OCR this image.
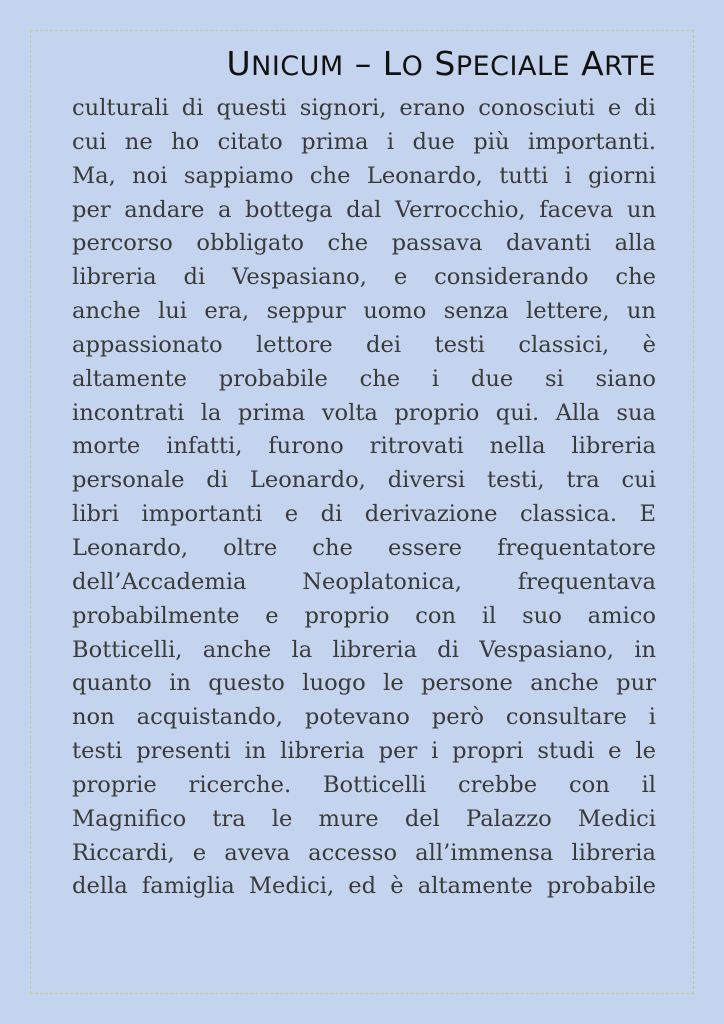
UNICUM – LO SPECIALE ARTE
culturali di questi signori, erano conosciuti e di
cui ne ho citato prima i due più importanti.
Ma, noi sappiamo che Leonardo, tutti i giorni
per andare a bottega dal Verrocchio, faceva un
percorso obbligato che passava davanti alla
libreria di Vespasiano, e considerando che
anche lui era, seppur uomo senza lettere, un
appassionato lettore dei testi classici, è
altamente probabile che i due si siano
incontrati la prima volta proprio qui. Alla sua
morte infatti, furono ritrovati nella libreria
personale di Leonardo, diversi testi, tra cui
libri importanti e di derivazione classica. E
Leonardo, oltre che essere frequentatore
dell’Accademia Neoplatonica, frequentava
probabilmente e proprio con il suo amico
Botticelli, anche la libreria di Vespasiano, in
quanto in questo luogo le persone anche pur
non acquistando, potevano però consultare i
testi presenti in libreria per i propri studi e le
proprie ricerche. Botticelli crebbe con il
Magnifico tra le mure del Palazzo Medici
Riccardi, e aveva accesso all’immensa libreria
della famiglia Medici, ed è altamente probabile
